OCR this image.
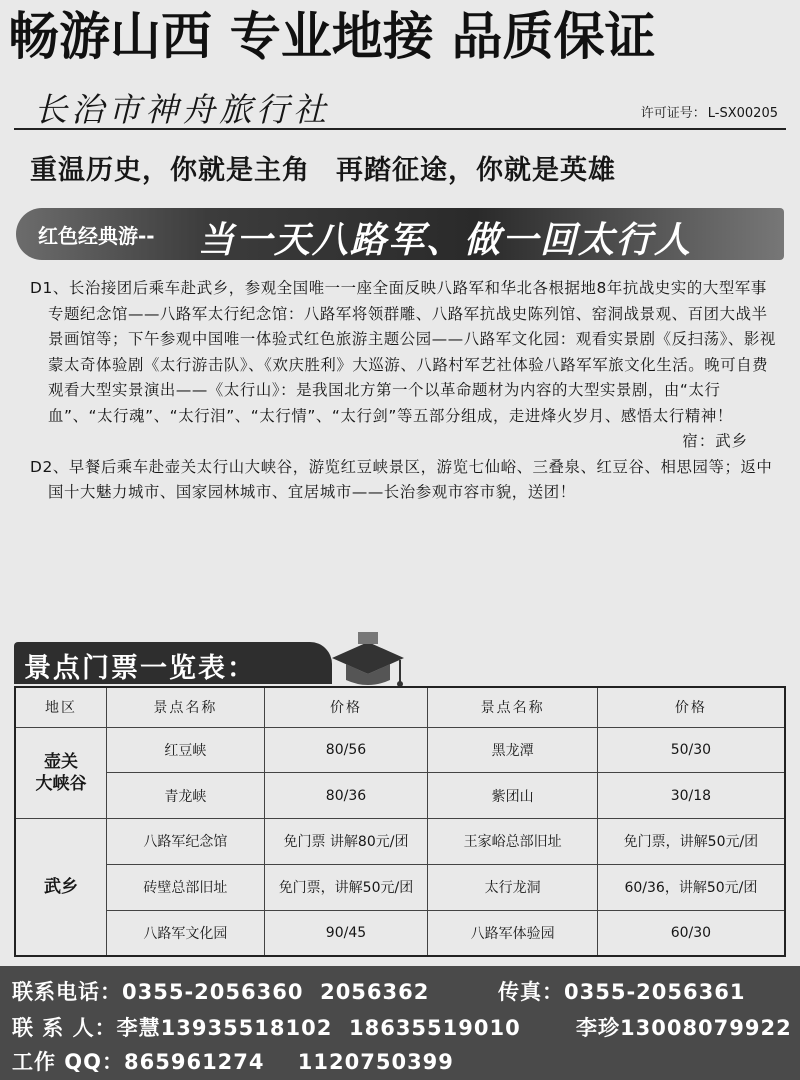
畅游山西 专业地接 品质保证
长治市神舟旅行社	许可证号： L-SX00205
重温历史，你就是主角 再踏征途，你就是英雄
红色经典游-- 当一天八路军、做一回太行人

D1、长治接团后乘车赴武乡，参观全国唯一一座全面反映八路军和华北各根据地8年抗战史实的大型军事专题纪念馆——八路军太行纪念馆：八路军将领群雕、八路军抗战史陈列馆、窑洞战景观、百团大战半景画馆等；下午参观中国唯一体验式红色旅游主题公园——八路军文化园：观看实景剧《反扫荡》、影视蒙太奇体验剧《太行游击队》、《欢庆胜利》大巡游、八路村军艺社体验八路军军旅文化生活。晚可自费观看大型实景演出——《太行山》：是我国北方第一个以革命题材为内容的大型实景剧，由“太行血”、“太行魂”、“太行泪”、“太行情”、“太行剑”等五部分组成，走进烽火岁月、感悟太行精神！

宿：武乡

D2、早餐后乘车赴壶关太行山大峡谷，游览红豆峡景区，游览七仙峪、三叠泉、红豆谷、相思园等；返中国十大魅力城市、国家园林城市、宜居城市——长治参观市容市貌，送团！

景点门票一览表：
地区	景点名称	价格	景点名称	价格
壶关
大峡谷	红豆峡	80/56	黑龙潭	50/30
	青龙峡	80/36	紫团山	30/18
武乡	八路军纪念馆	免门票 讲解80元/团	王家峪总部旧址	免门票，讲解50元/团
	砖壁总部旧址	免门票，讲解50元/团	太行龙洞	60/36，讲解50元/团
	八路军文化园	90/45	八路军体验园	60/30
联系电话：0355-2056360 2056362	传真：0355-2056361
联 系 人：李慧13935518102 18635519010	李珍13008079922
工作 QQ：865961274 1120750399
